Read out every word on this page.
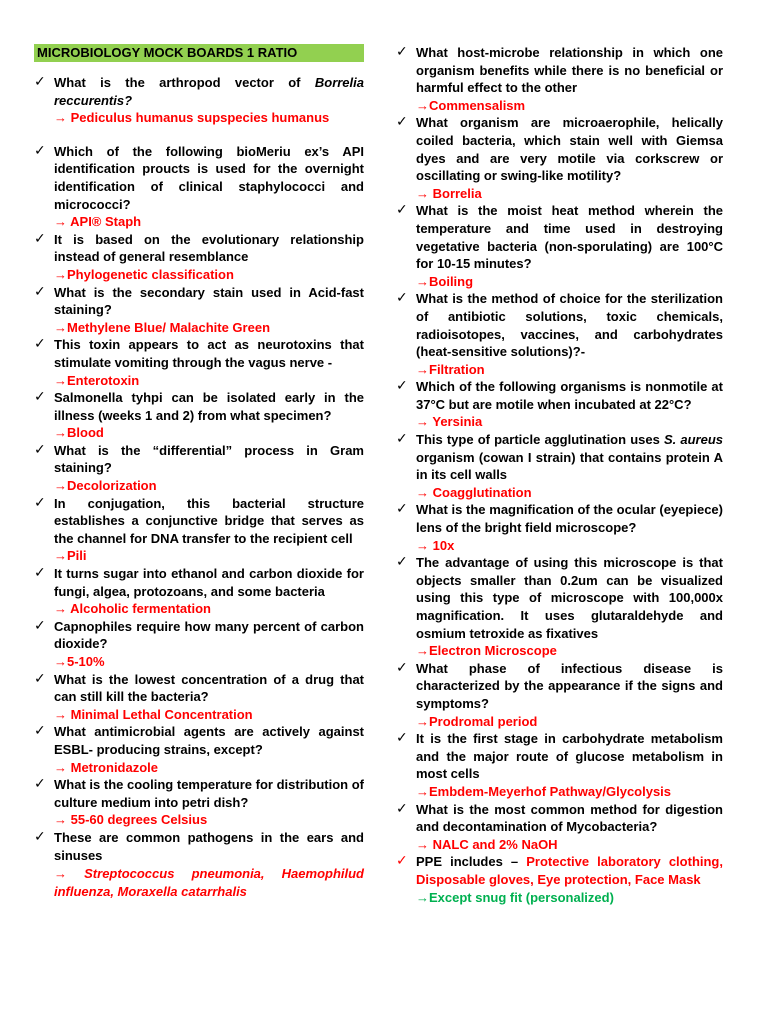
MICROBIOLOGY MOCK BOARDS 1 RATIO
✓ What is the arthropod vector of Borrelia reccurentis?

→ Pediculus humanus supspecies humanus

✓ Which of the following bioMeriu ex’s API identification proucts is used for the overnight identification of clinical staphylococci and micrococci?

→ API® Staph

✓ It is based on the evolutionary relationship instead of general resemblance

→Phylogenetic classification

✓ What is the secondary stain used in Acid-fast staining?

→Methylene Blue/ Malachite Green

✓ This toxin appears to act as neurotoxins that stimulate vomiting through the vagus nerve -

→Enterotoxin

✓ Salmonella tyhpi can be isolated early in the illness (weeks 1 and 2) from what specimen?

→Blood

✓ What is the “differential” process in Gram staining?

→Decolorization

✓ In conjugation, this bacterial structure establishes a conjunctive bridge that serves as the channel for DNA transfer to the recipient cell

→Pili

✓ It turns sugar into ethanol and carbon dioxide for fungi, algea, protozoans, and some bacteria

→ Alcoholic fermentation

✓ Capnophiles require how many percent of carbon dioxide?

→5-10%

✓ What is the lowest concentration of a drug that can still kill the bacteria?

→ Minimal Lethal Concentration

✓ What antimicrobial agents are actively against ESBL- producing strains, except?

→ Metronidazole

✓ What is the cooling temperature for distribution of culture medium into petri dish?

→ 55-60 degrees Celsius

✓ These are common pathogens in the ears and sinuses

→ Streptococcus pneumonia, Haemophilud influenza, Moraxella catarrhalis

✓ What host-microbe relationship in which one organism benefits while there is no beneficial or harmful effect to the other

→Commensalism

✓ What organism are microaerophile, helically coiled bacteria, which stain well with Giemsa dyes and are very motile via corkscrew or oscillating or swing-like motility?

→ Borrelia

✓ What is the moist heat method wherein the temperature and time used in destroying vegetative bacteria (non-sporulating) are 100°C for 10-15 minutes?

→Boiling

✓ What is the method of choice for the sterilization of antibiotic solutions, toxic chemicals, radioisotopes, vaccines, and carbohydrates (heat-sensitive solutions)?-

→Filtration

✓ Which of the following organisms is nonmotile at 37°C but are motile when incubated at 22°C?

→ Yersinia

✓ This type of particle agglutination uses S. aureus organism (cowan I strain) that contains protein A in its cell walls

→ Coagglutination

✓ What is the magnification of the ocular (eyepiece) lens of the bright field microscope?

→ 10x

✓ The advantage of using this microscope is that objects smaller than 0.2um can be visualized using this type of microscope with 100,000x magnification. It uses glutaraldehyde and osmium tetroxide as fixatives

→Electron Microscope

✓ What phase of infectious disease is characterized by the appearance if the signs and symptoms?

→Prodromal period

✓ It is the first stage in carbohydrate metabolism and the major route of glucose metabolism in most cells

→Embdem-Meyerhof Pathway/Glycolysis

✓ What is the most common method for digestion and decontamination of Mycobacteria?

→ NALC and 2% NaOH

✓ PPE includes – Protective laboratory clothing, Disposable gloves, Eye protection, Face Mask

→Except snug fit (personalized)
